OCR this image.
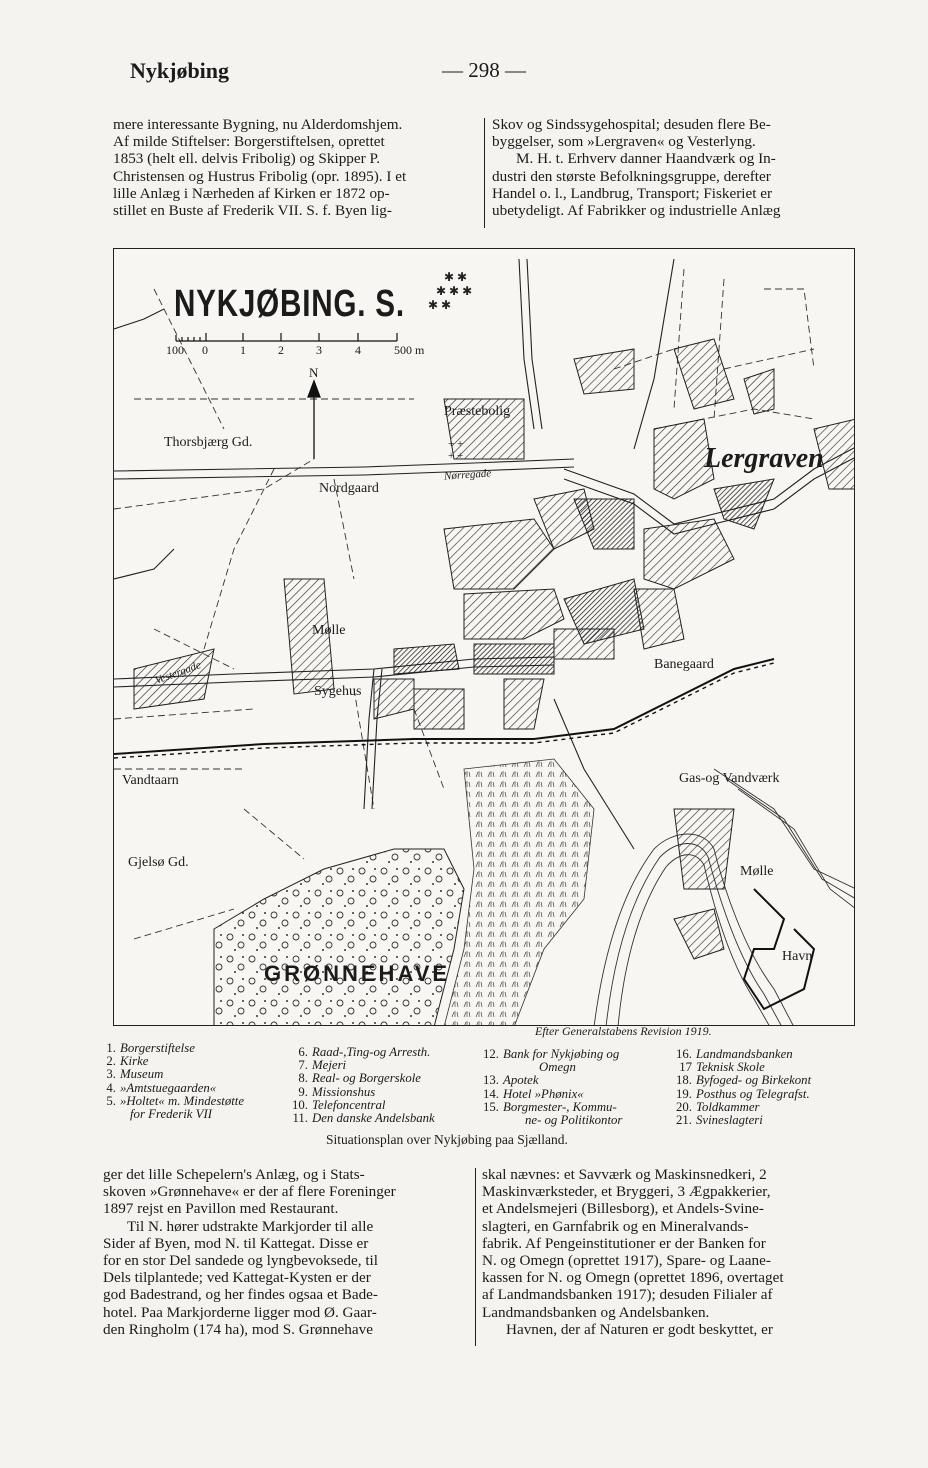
Nykjøbing	— 298 —

mere interessante Bygning, nu Alderdomshjem.

Af milde Stiftelser: Borgerstiftelsen, oprettet

1853 (helt ell. delvis Fribolig) og Skipper P.

Christensen og Hustrus Fribolig (opr. 1895). I et

lille Anlæg i Nærheden af Kirken er 1872 op-

stillet en Buste af Frederik VII. S. f. Byen lig-

Skov og Sindssygehospital; desuden flere Be-

byggelser, som »Lergraven« og Vesterlyng.

M. H. t. Erhverv danner Haandværk og In-

dustri den største Befolkningsgruppe, derefter

Handel o. l., Landbrug, Transport; Fiskeriet er

ubetydeligt. Af Fabrikker og industrielle Anlæg

✱ ✱
✱ ✱ ✱
✱ ✱
+ +
+ +
NYKJØBING. S.
100 0	1	2	3	4	500 m
N
Præstebolig
Thorsbjærg Gd.
Nordgaard
Lergraven
Mølle
Sygehus
Banegaard
Vandtaarn	Gas-og Vandværk
Gjelsø Gd.
Mølle
Havn
GRØNNEHAVE
Nørregade
Vestergade
Efter Generalstabens Revision 1919.
1. Borgerstiftelse
2. Kirke
3. Museum
4. »Amtstuegaarden«
5. »Holtet« m. Mindestøtte
for Frederik VII
6. Raad-,Ting-og Arresth.
7. Mejeri
8. Real- og Borgerskole
9. Missionshus
10. Telefoncentral
11. Den danske Andelsbank
12. Bank for Nykjøbing og
Omegn
13. Apotek
14. Hotel »Phønix«
15. Borgmester-, Kommu-
ne- og Politikontor
16. Landmandsbanken
17 Teknisk Skole
18. Byfoged- og Birkekont
19. Posthus og Telegrafst.
20. Toldkammer
21. Svineslagteri
Situationsplan over Nykjøbing paa Sjælland.

ger det lille Schepelern's Anlæg, og i Stats-

skoven »Grønnehave« er der af flere Foreninger

1897 rejst en Pavillon med Restaurant.

Til N. hører udstrakte Markjorder til alle

Sider af Byen, mod N. til Kattegat. Disse er

for en stor Del sandede og lyngbevoksede, til

Dels tilplantede; ved Kattegat-Kysten er der

god Badestrand, og her findes ogsaa et Bade-

hotel. Paa Markjorderne ligger mod Ø. Gaar-

den Ringholm (174 ha), mod S. Grønnehave

skal nævnes: et Savværk og Maskinsnedkeri, 2

Maskinværksteder, et Bryggeri, 3 Ægpakkerier,

et Andelsmejeri (Billesborg), et Andels-Svine-

slagteri, en Garnfabrik og en Mineralvands-

fabrik. Af Pengeinstitutioner er der Banken for

N. og Omegn (oprettet 1917), Spare- og Laane-

kassen for N. og Omegn (oprettet 1896, overtaget

af Landmandsbanken 1917); desuden Filialer af

Landmandsbanken og Andelsbanken.

Havnen, der af Naturen er godt beskyttet, er
